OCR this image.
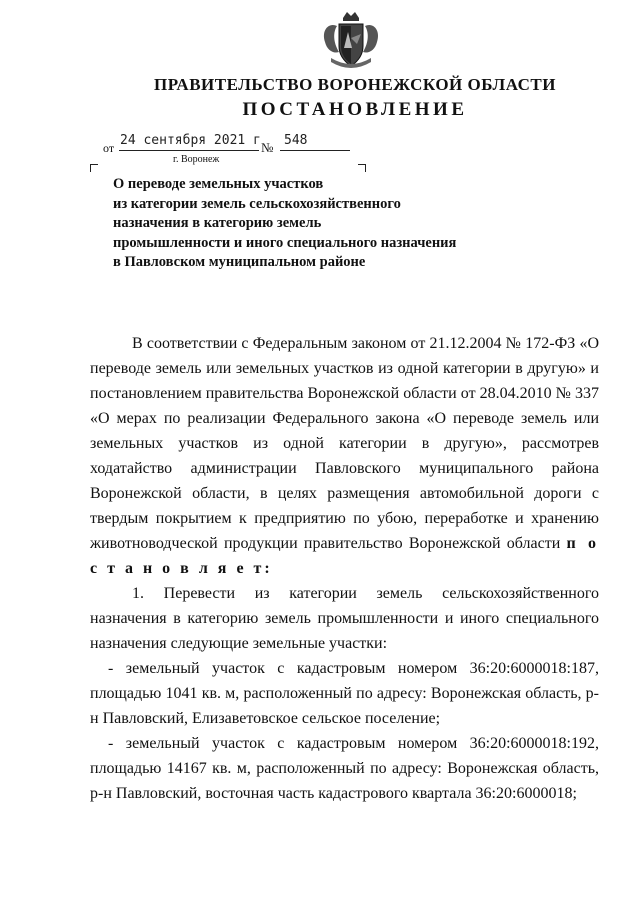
ПРАВИТЕЛЬСТВО ВОРОНЕЖСКОЙ ОБЛАСТИ
ПОСТАНОВЛЕНИЕ
от 24 сентября 2021 г № 548
г. Воронеж
О переводе земельных участков
из категории земель сельскохозяйственного
назначения в категорию земель
промышленности и иного специального назначения
в Павловском муниципальном районе

В соответствии с Федеральным законом от 21.12.2004 № 172-ФЗ «О переводе земель или земельных участков из одной категории в другую» и постановлением правительства Воронежской области от 28.04.2010 № 337 «О мерах по реализации Федерального закона «О переводе земель или земельных участков из одной категории в другую», рассмотрев ходатайство администрации Павловского муниципального района Воронежской области, в целях размещения автомобильной дороги с твердым покрытием к предприятию по убою, переработке и хранению животноводческой продукции правительство Воронежской области п о с т а н о в л я е т:

1. Перевести из категории земель сельскохозяйственного назначения в категорию земель промышленности и иного специального назначения следующие земельные участки:

- земельный участок с кадастровым номером 36:20:6000018:187, площадью 1041 кв. м, расположенный по адресу: Воронежская область, р-н Павловский, Елизаветовское сельское поселение;

- земельный участок с кадастровым номером 36:20:6000018:192, площадью 14167 кв. м, расположенный по адресу: Воронежская область, р-н Павловский, восточная часть кадастрового квартала 36:20:6000018;
